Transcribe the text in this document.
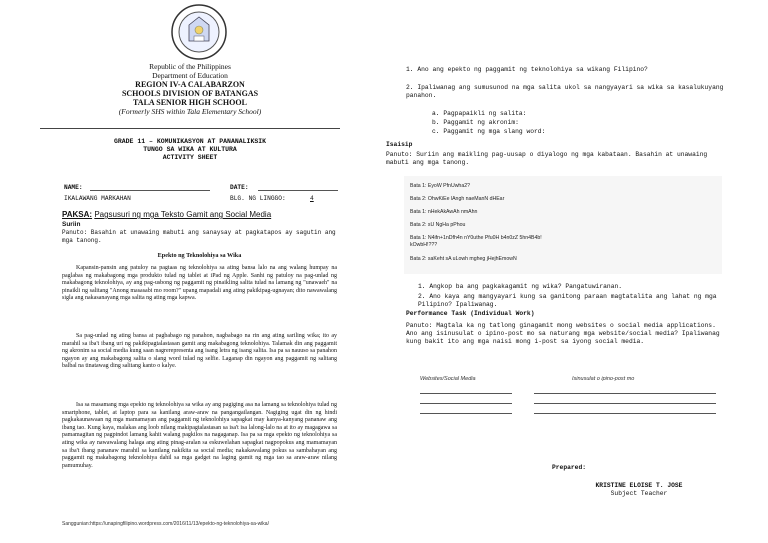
Republic of the Philippines
Department of Education
REGION IV-A CALABARZON
SCHOOLS DIVISION OF BATANGAS
TALA SENIOR HIGH SCHOOL
(Formerly SHS within Tala Elementary School)
GRADE 11 – KOMUNIKASYON AT PANANALIKSIK
TUNGO SA WIKA AT KULTURA
ACTIVITY SHEET
NAME:	DATE:
IKALAWANG MARKAHAN	BLG. NG LINGGO:	4
PAKSA: Pagsusuri ng mga Teksto Gamit ang Social Media
Suriin
Panuto: Basahin at unawaing mabuti ang sanaysay at pagkatapos ay sagutin ang mga tanong.
Epekto ng Teknolohiya sa Wika
Kapansin-pansin ang patuloy na pagtaas ng teknolohiya sa ating bansa lalo na ang walang humpay na paglabas ng makabagong mga produkto tulad ng tablet at iPad ng Apple. Sanhi ng patuloy na pag-unlad ng makabagong teknolohiya, ay ang pag-usbong ng paggamit ng pinaikling salita tulad na lamang ng "unawaeh" na pinaikli ng salitang "Anong masasabi mo room?" upang mapadali ang ating pakikipag-ugnayan; dito nawawalang sigla ang nakasanayang mga salita ng ating mga kapwa.
Sa pag-unlad ng ating bansa at pagbabago ng panahon, nagbabago na rin ang ating sariling wika; ito ay marahil sa iba't ibang uri ng pakikipagtalastasan gamit ang makabagong teknolohiya. Talamak din ang paggamit ng akronim sa social media kung saan nagrerepresenta ang isang letra ng isang salita. Isa pa sa nauuso sa panahon ngayon ay ang makabagong salita o slang word tulad ng selfie. Laganap din ngayon ang paggamit ng salitang balbal na tinatawag ding salitang kanto o kalye.
Isa sa masamang mga epekto ng teknolohiya sa wika ay ang pagiging asa na lamang sa teknolohiya tulad ng smartphone, tablet, at laptop para sa kanilang araw-araw na pangangailangan. Nagiging ugat din ng hindi pagkakaunawaan ng mga mamamayan ang paggamit ng teknolohiya sapagkat may kanya-kanyang pananaw ang ibang tao. Kung kaya, malakas ang loob nilang makipagtalastasan sa isa't isa lalong-lalo na at ito ay magagawa sa pamamagitan ng pagpindot lamang kahit walang pagkilos na nagaganap. Isa pa sa mga epekto ng teknolohiya sa ating wika ay nawawalang halaga ang ating pinag-aralan sa eskuwelahan sapagkat nagpopokus ang mamamayan sa iba't ibang pananaw marahil sa kanilang nakikita sa social media; nakakawalang pokus sa sambahayan ang paggamit ng makabagong teknolohiya dahil sa mga gadget na laging gamit ng mga tao sa araw-araw nilang pamumuhay.
Sanggunian:https://unapingfilipino.wordpress.com/2016/11/13/epekto-ng-teknolohiya-sa-wika/
1. Ano ang epekto ng paggamit ng teknolohiya sa wikang Filipino?
2. Ipaliwanag ang sumusunod na mga salita ukol sa nangyayari sa wika sa kasalukuyang panahon.
a. Pagpapaikli ng salita:
b. Paggamit ng akronim:
c. Paggamit ng mga slang word:
Isaisip
Panuto: Suriin ang maikling pag-uusap o diyalogo ng mga kabataan. Basahin at unawaing mabuti ang mga tanong.
Bata 1: EyoW PfnUwha2?
Bata 2: OhwKiEe lAngh naeManN dHEar
Bata 1: nHekAkAwAh nmAhn
Bata 2: sU NgHa pPhou
Bata 1: N4ifn+1nDfh4n nY0uthe Pfu0H b4n0zZ 5hn4B4b!
kOwbH!???
Bata 2: saKeht sA uLowh mgheg jHejhEmowN
1. Angkop ba ang pagkakagamit ng wika? Pangatuwiranan.
2. Ano kaya ang mangyayari kung sa ganitong paraan magtatalita ang lahat ng mga Pilipino? Ipaliwanag.
Performance Task (Individual Work)
Panuto: Magtala ka ng tatlong ginagamit mong websites o social media applications. Ano ang isinusulat o ipino-post mo sa naturang mga website/social media? Ipaliwanag kung bakit ito ang mga naisi mong i-post sa iyong social media.
Websites/Social Media	Isinusulat o ipino-post mo
Prepared:
KRISTINE ELOISE T. JOSE
Subject Teacher
